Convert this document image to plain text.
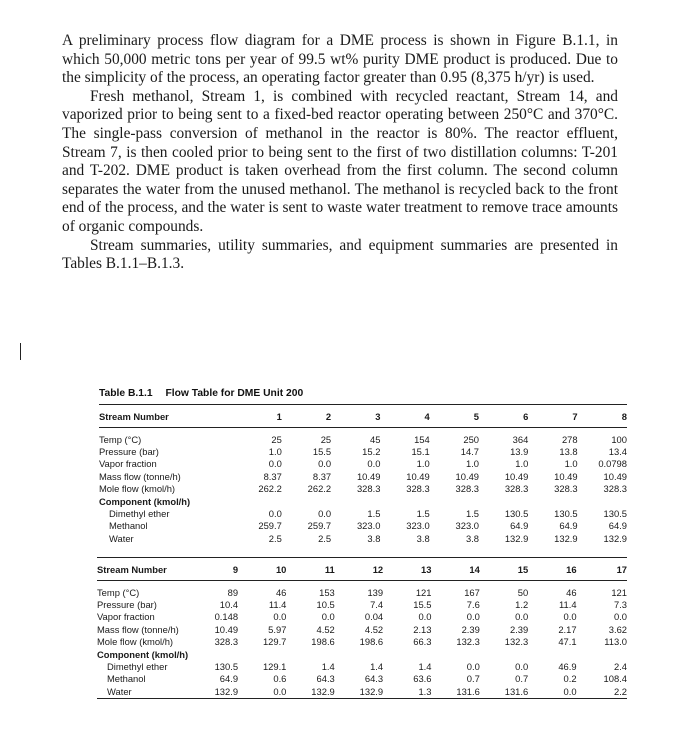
A preliminary process flow diagram for a DME process is shown in Figure B.1.1, in which 50,000 metric tons per year of 99.5 wt% purity DME product is produced. Due to the simplicity of the process, an operating factor greater than 0.95 (8,375 h/yr) is used.

Fresh methanol, Stream 1, is combined with recycled reactant, Stream 14, and vaporized prior to being sent to a fixed-bed reactor operating between 250°C and 370°C. The single-pass conversion of methanol in the reactor is 80%. The reactor effluent, Stream 7, is then cooled prior to being sent to the first of two distillation columns: T-201 and T-202. DME product is taken overhead from the first column. The second column separates the water from the unused methanol. The methanol is recycled back to the front end of the process, and the water is sent to waste water treatment to remove trace amounts of organic compounds.

Stream summaries, utility summaries, and equipment summaries are presented in Tables B.1.1–B.1.3.

Table B.1.1 Flow Table for DME Unit 200
Stream Number	1	2	3	4	5	6	7	8

Temp (°C)	25	25	45	154	250	364	278	100
Pressure (bar)	1.0	15.5	15.2	15.1	14.7	13.9	13.8	13.4
Vapor fraction	0.0	0.0	0.0	1.0	1.0	1.0	1.0	0.0798
Mass flow (tonne/h)	8.37	8.37	10.49	10.49	10.49	10.49	10.49	10.49
Mole flow (kmol/h)	262.2	262.2	328.3	328.3	328.3	328.3	328.3	328.3
Component (kmol/h)								
Dimethyl ether	0.0	0.0	1.5	1.5	1.5	130.5	130.5	130.5
Methanol	259.7	259.7	323.0	323.0	323.0	64.9	64.9	64.9
Water	2.5	2.5	3.8	3.8	3.8	132.9	132.9	132.9
Stream Number	9	10	11	12	13	14	15	16	17

Temp (°C)	89	46	153	139	121	167	50	46	121
Pressure (bar)	10.4	11.4	10.5	7.4	15.5	7.6	1.2	11.4	7.3
Vapor fraction	0.148	0.0	0.0	0.04	0.0	0.0	0.0	0.0	0.0
Mass flow (tonne/h)	10.49	5.97	4.52	4.52	2.13	2.39	2.39	2.17	3.62
Mole flow (kmol/h)	328.3	129.7	198.6	198.6	66.3	132.3	132.3	47.1	113.0
Component (kmol/h)									
Dimethyl ether	130.5	129.1	1.4	1.4	1.4	0.0	0.0	46.9	2.4
Methanol	64.9	0.6	64.3	64.3	63.6	0.7	0.7	0.2	108.4
Water	132.9	0.0	132.9	132.9	1.3	131.6	131.6	0.0	2.2
